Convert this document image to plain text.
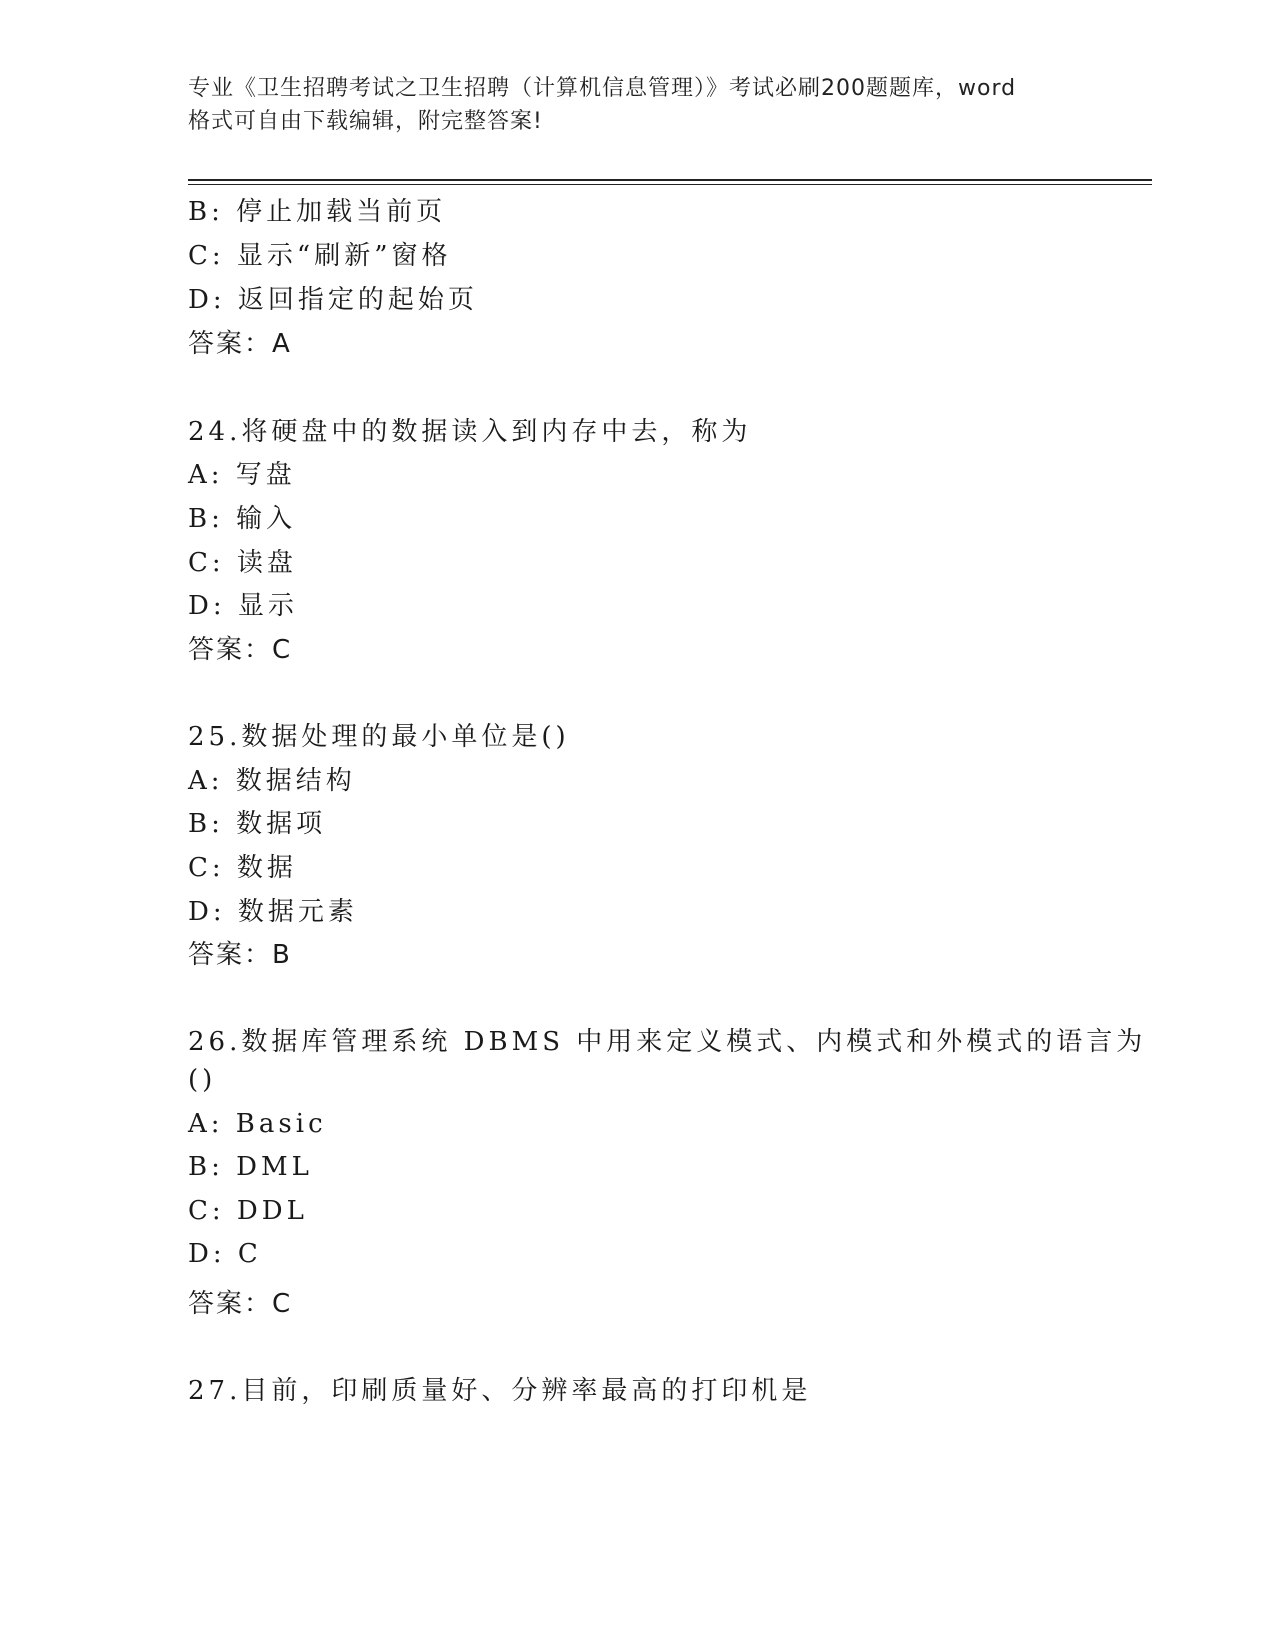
专业《卫生招聘考试之卫生招聘（计算机信息管理）》考试必刷200题题库，word
格式可自由下载编辑，附完整答案!
B: 停止加载当前页
C: 显示“刷新”窗格
D: 返回指定的起始页
答案：A
24.将硬盘中的数据读入到内存中去，称为
A: 写盘
B: 输入
C: 读盘
D: 显示
答案：C
25.数据处理的最小单位是()
A: 数据结构
B: 数据项
C: 数据
D: 数据元素
答案：B
26.数据库管理系统 DBMS 中用来定义模式、内模式和外模式的语言为
()
A: Basic
B: DML
C: DDL
D: C
答案：C
27.目前，印刷质量好、分辨率最高的打印机是
